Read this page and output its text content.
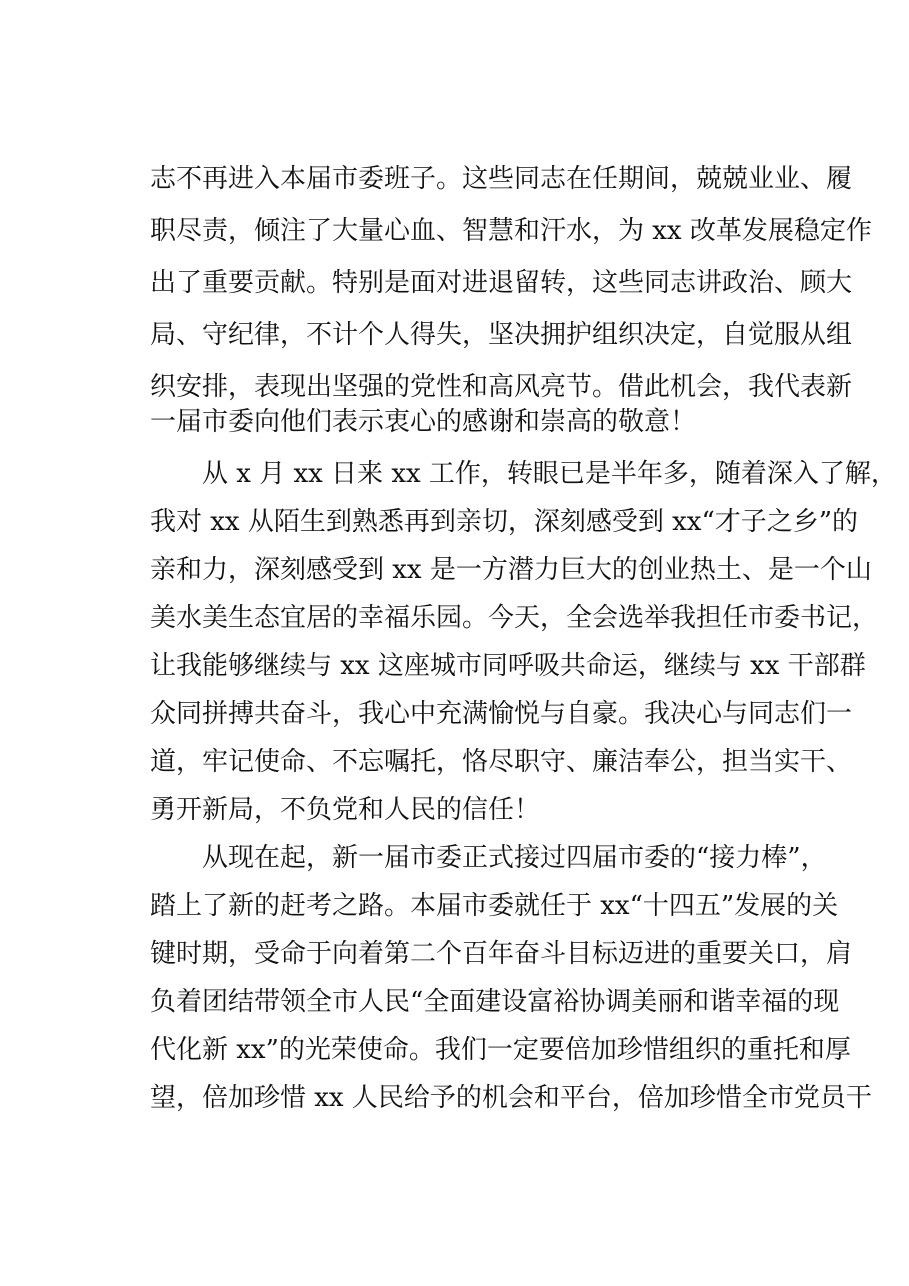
志不再进入本届市委班子。这些同志在任期间，兢兢业业、履
职尽责，倾注了大量心血、智慧和汗水，为 xx 改革发展稳定作
出了重要贡献。特别是面对进退留转，这些同志讲政治、顾大
局、守纪律，不计个人得失，坚决拥护组织决定，自觉服从组
织安排，表现出坚强的党性和高风亮节。借此机会，我代表新
一届市委向他们表示衷心的感谢和崇高的敬意！
从 x 月 xx 日来 xx 工作，转眼已是半年多，随着深入了解，
我对 xx 从陌生到熟悉再到亲切，深刻感受到 xx“才子之乡”的
亲和力，深刻感受到 xx 是一方潜力巨大的创业热土、是一个山
美水美生态宜居的幸福乐园。今天，全会选举我担任市委书记，
让我能够继续与 xx 这座城市同呼吸共命运，继续与 xx 干部群
众同拼搏共奋斗，我心中充满愉悦与自豪。我决心与同志们一
道，牢记使命、不忘嘱托，恪尽职守、廉洁奉公，担当实干、
勇开新局，不负党和人民的信任！
从现在起，新一届市委正式接过四届市委的“接力棒”，
踏上了新的赶考之路。本届市委就任于 xx“十四五”发展的关
键时期，受命于向着第二个百年奋斗目标迈进的重要关口，肩
负着团结带领全市人民“全面建设富裕协调美丽和谐幸福的现
代化新 xx”的光荣使命。我们一定要倍加珍惜组织的重托和厚
望，倍加珍惜 xx 人民给予的机会和平台，倍加珍惜全市党员干
